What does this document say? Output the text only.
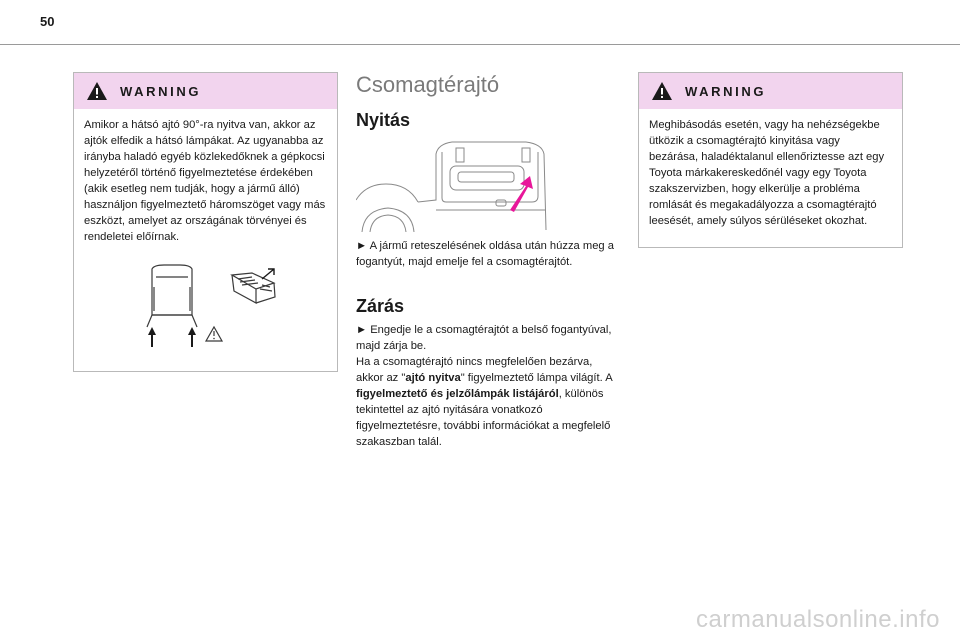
50
WARNING
Amikor a hátsó ajtó 90°-ra nyitva van, akkor az ajtók elfedik a hátsó lámpákat. Az ugyanabba az irányba haladó egyéb közlekedőknek a gépkocsi helyzetéről történő figyelmeztetése érdekében (akik esetleg nem tudják, hogy a jármű álló) használjon figyelmeztető háromszöget vagy más eszközt, amelyet az országának törvényei és rendeletei előírnak.
Csomagtérajtó
Nyitás

► A jármű reteszelésének oldása után húzza meg a fogantyút, majd emelje fel a csomagtérajtót.

Zárás

► Engedje le a csomagtérajtót a belső fogantyúval, majd zárja be.
Ha a csomagtérajtó nincs megfelelően bezárva, akkor az "ajtó nyitva" figyelmeztető lámpa világít. A figyelmeztető és jelzőlámpák listájáról, különös tekintettel az ajtó nyitására vonatkozó figyelmeztetésre, további információkat a megfelelő szakaszban talál.

WARNING
Meghibásodás esetén, vagy ha nehézségekbe ütközik a csomagtérajtó kinyitása vagy bezárása, haladéktalanul ellenőriztesse azt egy Toyota márkakereskedőnél vagy egy Toyota szakszervizben, hogy elkerülje a probléma romlását és megakadályozza a csomagtérajtó leesését, amely súlyos sérüléseket okozhat.
carmanualsonline.info
